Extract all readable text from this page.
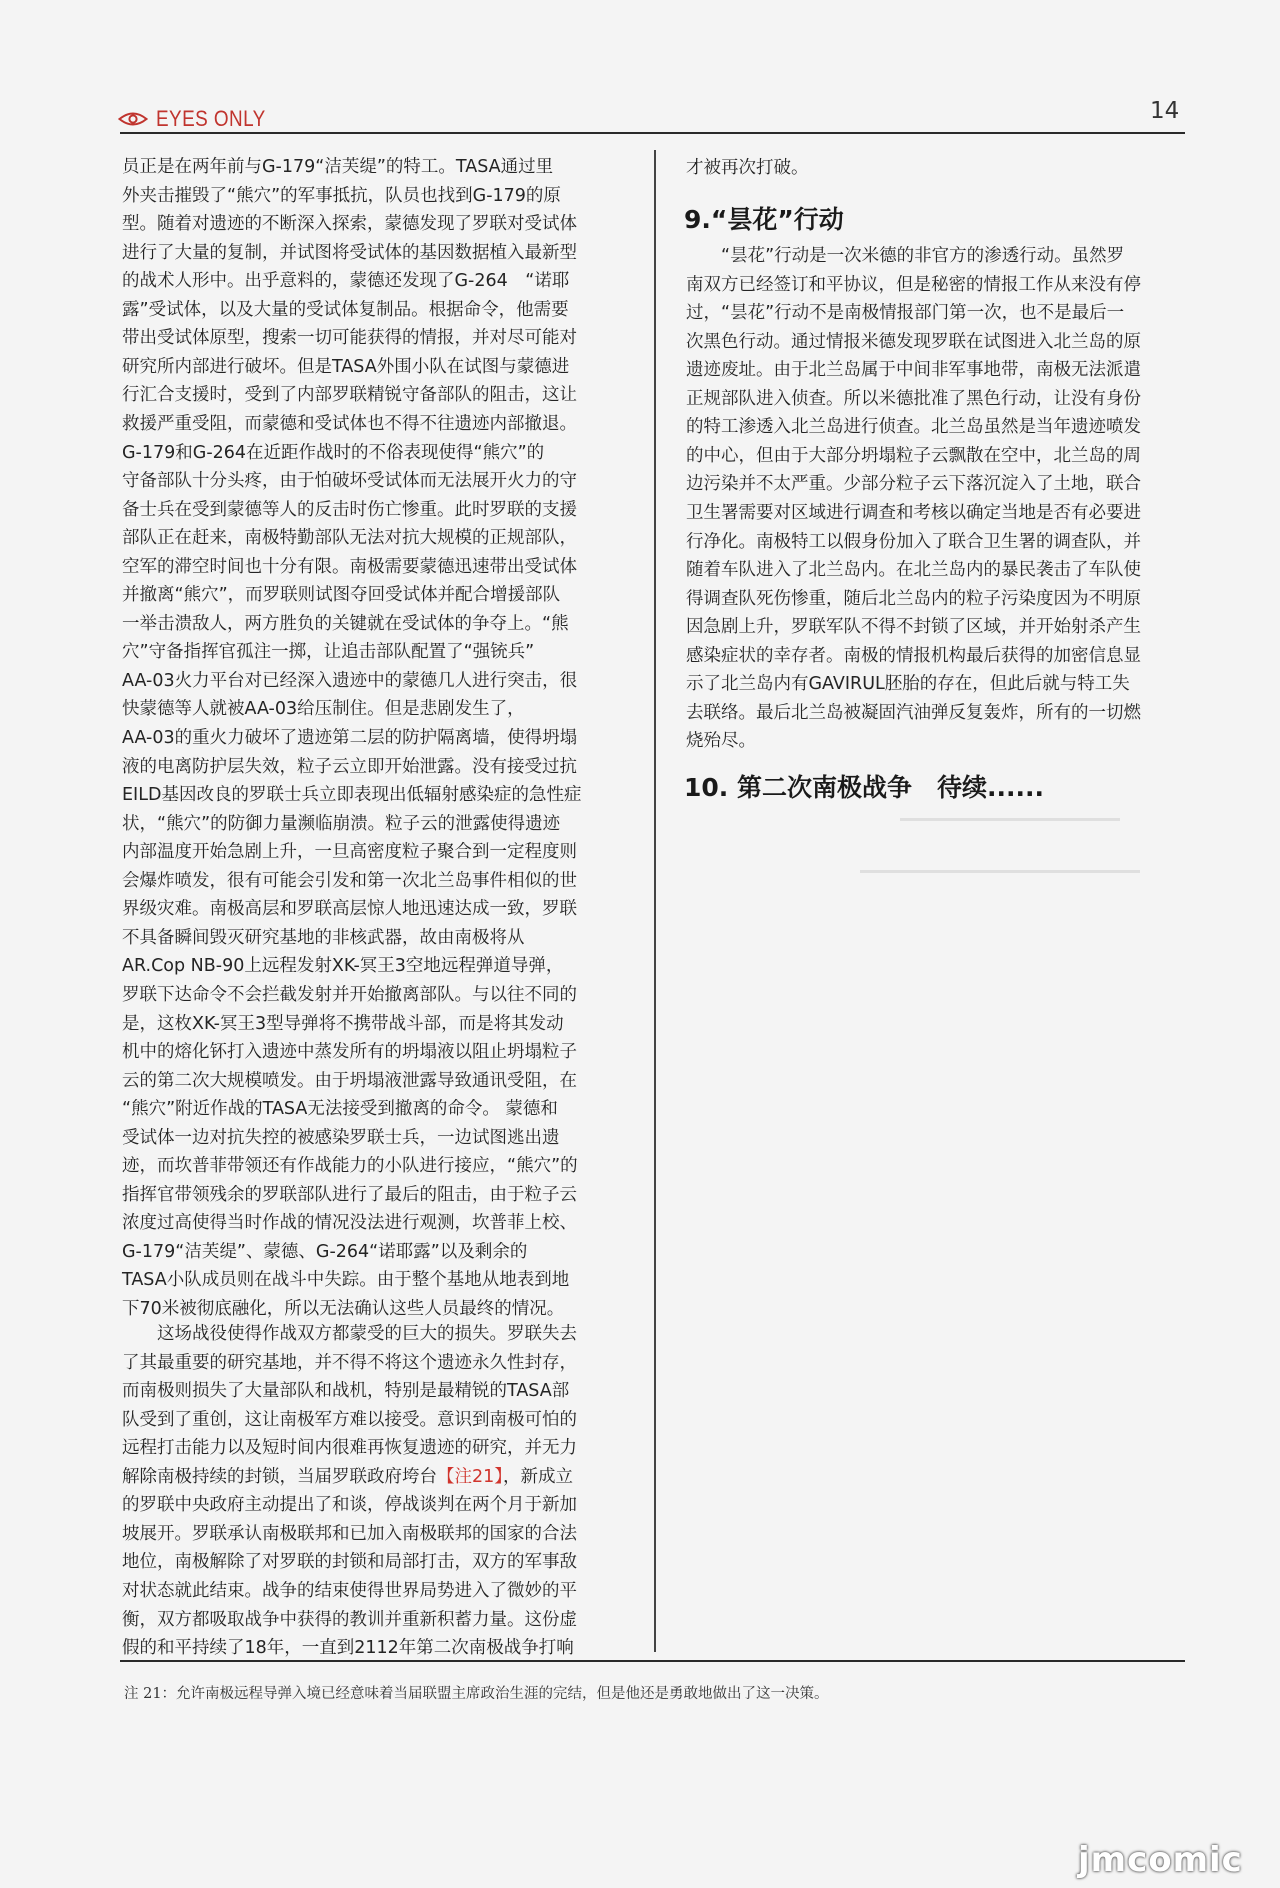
EYES ONLY	14
员正是在两年前与G-179“洁芙缇”的特工。TASA通过里
外夹击摧毁了“熊穴”的军事抵抗，队员也找到G-179的原
型。随着对遗迹的不断深入探索，蒙德发现了罗联对受试体
进行了大量的复制，并试图将受试体的基因数据植入最新型
的战术人形中。出乎意料的，蒙德还发现了G-264　“诺耶
露”受试体，以及大量的受试体复制品。根据命令，他需要
带出受试体原型，搜索一切可能获得的情报，并对尽可能对
研究所内部进行破坏。但是TASA外围小队在试图与蒙德进
行汇合支援时，受到了内部罗联精锐守备部队的阻击，这让
救援严重受阻，而蒙德和受试体也不得不往遗迹内部撤退。
G-179和G-264在近距作战时的不俗表现使得“熊穴”的
守备部队十分头疼，由于怕破坏受试体而无法展开火力的守
备士兵在受到蒙德等人的反击时伤亡惨重。此时罗联的支援
部队正在赶来，南极特勤部队无法对抗大规模的正规部队，
空军的滞空时间也十分有限。南极需要蒙德迅速带出受试体
并撤离“熊穴”，而罗联则试图夺回受试体并配合增援部队
一举击溃敌人，两方胜负的关键就在受试体的争夺上。“熊
穴”守备指挥官孤注一掷，让追击部队配置了“强铳兵”
AA-03火力平台对已经深入遗迹中的蒙德几人进行突击，很
快蒙德等人就被AA-03给压制住。但是悲剧发生了，
AA-03的重火力破坏了遗迹第二层的防护隔离墙，使得坍塌
液的电离防护层失效，粒子云立即开始泄露。没有接受过抗
EILD基因改良的罗联士兵立即表现出低辐射感染症的急性症
状，“熊穴”的防御力量濒临崩溃。粒子云的泄露使得遗迹
内部温度开始急剧上升，一旦高密度粒子聚合到一定程度则
会爆炸喷发，很有可能会引发和第一次北兰岛事件相似的世
界级灾难。南极高层和罗联高层惊人地迅速达成一致，罗联
不具备瞬间毁灭研究基地的非核武器，故由南极将从
AR.Cop NB-90上远程发射XK-冥王3空地远程弹道导弹，
罗联下达命令不会拦截发射并开始撤离部队。与以往不同的
是，这枚XK-冥王3型导弹将不携带战斗部，而是将其发动
机中的熔化钚打入遗迹中蒸发所有的坍塌液以阻止坍塌粒子
云的第二次大规模喷发。由于坍塌液泄露导致通讯受阻，在
“熊穴”附近作战的TASA无法接受到撤离的命令。 蒙德和
受试体一边对抗失控的被感染罗联士兵，一边试图逃出遗
迹，而坎普菲带领还有作战能力的小队进行接应，“熊穴”的
指挥官带领残余的罗联部队进行了最后的阻击，由于粒子云
浓度过高使得当时作战的情况没法进行观测，坎普菲上校、
G-179“洁芙缇”、蒙德、G-264“诺耶露”以及剩余的
TASA小队成员则在战斗中失踪。由于整个基地从地表到地
下70米被彻底融化，所以无法确认这些人员最终的情况。
　　这场战役使得作战双方都蒙受的巨大的损失。罗联失去
了其最重要的研究基地，并不得不将这个遗迹永久性封存，
而南极则损失了大量部队和战机，特别是最精锐的TASA部
队受到了重创，这让南极军方难以接受。意识到南极可怕的
远程打击能力以及短时间内很难再恢复遗迹的研究，并无力
解除南极持续的封锁，当届罗联政府垮台【注21】，新成立
的罗联中央政府主动提出了和谈，停战谈判在两个月于新加
坡展开。罗联承认南极联邦和已加入南极联邦的国家的合法
地位，南极解除了对罗联的封锁和局部打击，双方的军事敌
对状态就此结束。战争的结束使得世界局势进入了微妙的平
衡，双方都吸取战争中获得的教训并重新积蓄力量。这份虚
假的和平持续了18年，一直到2112年第二次南极战争打响
才被再次打破。
9.“昙花”行动
10. 第二次南极战争　待续......
　　“昙花”行动是一次米德的非官方的渗透行动。虽然罗
南双方已经签订和平协议，但是秘密的情报工作从来没有停
过，“昙花”行动不是南极情报部门第一次，也不是最后一
次黑色行动。通过情报米德发现罗联在试图进入北兰岛的原
遗迹废址。由于北兰岛属于中间非军事地带，南极无法派遣
正规部队进入侦查。所以米德批准了黑色行动，让没有身份
的特工渗透入北兰岛进行侦查。北兰岛虽然是当年遗迹喷发
的中心，但由于大部分坍塌粒子云飘散在空中，北兰岛的周
边污染并不太严重。少部分粒子云下落沉淀入了土地，联合
卫生署需要对区域进行调查和考核以确定当地是否有必要进
行净化。南极特工以假身份加入了联合卫生署的调查队，并
随着车队进入了北兰岛内。在北兰岛内的暴民袭击了车队使
得调查队死伤惨重，随后北兰岛内的粒子污染度因为不明原
因急剧上升，罗联军队不得不封锁了区域，并开始射杀产生
感染症状的幸存者。南极的情报机构最后获得的加密信息显
示了北兰岛内有GAVIRUL胚胎的存在，但此后就与特工失
去联络。最后北兰岛被凝固汽油弹反复轰炸，所有的一切燃
烧殆尽。
注 21：允许南极远程导弹入境已经意味着当届联盟主席政治生涯的完结，但是他还是勇敢地做出了这一决策。
jmcomic
